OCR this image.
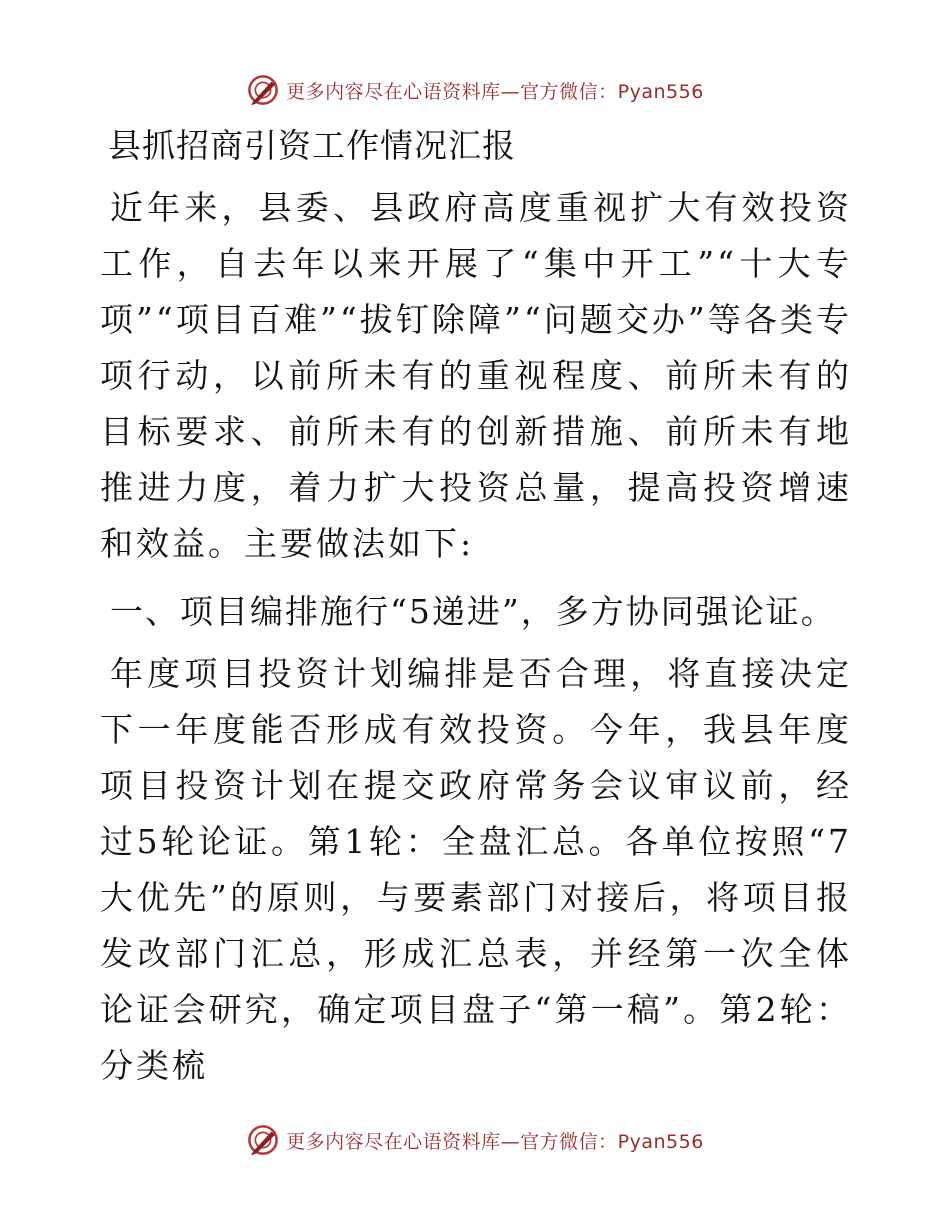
更多内容尽在心语资料库—官方微信：Pyan556
县抓招商引资工作情况汇报

近年来，县委、县政府高度重视扩大有效投资工作，自去年以来开展了“集中开工”“十大专项”“项目百难”“拔钉除障”“问题交办”等各类专项行动，以前所未有的重视程度、前所未有的目标要求、前所未有的创新措施、前所未有地推进力度，着力扩大投资总量，提高投资增速和效益。主要做法如下:

一、项目编排施行“5递进”，多方协同强论证。

年度项目投资计划编排是否合理，将直接决定下一年度能否形成有效投资。今年，我县年度项目投资计划在提交政府常务会议审议前，经过5轮论证。第1轮：全盘汇总。各单位按照“7大优先”的原则，与要素部门对接后，将项目报发改部门汇总，形成汇总表，并经第一次全体论证会研究，确定项目盘子“第一稿”。第2轮：分类梳

更多内容尽在心语资料库—官方微信：Pyan556
